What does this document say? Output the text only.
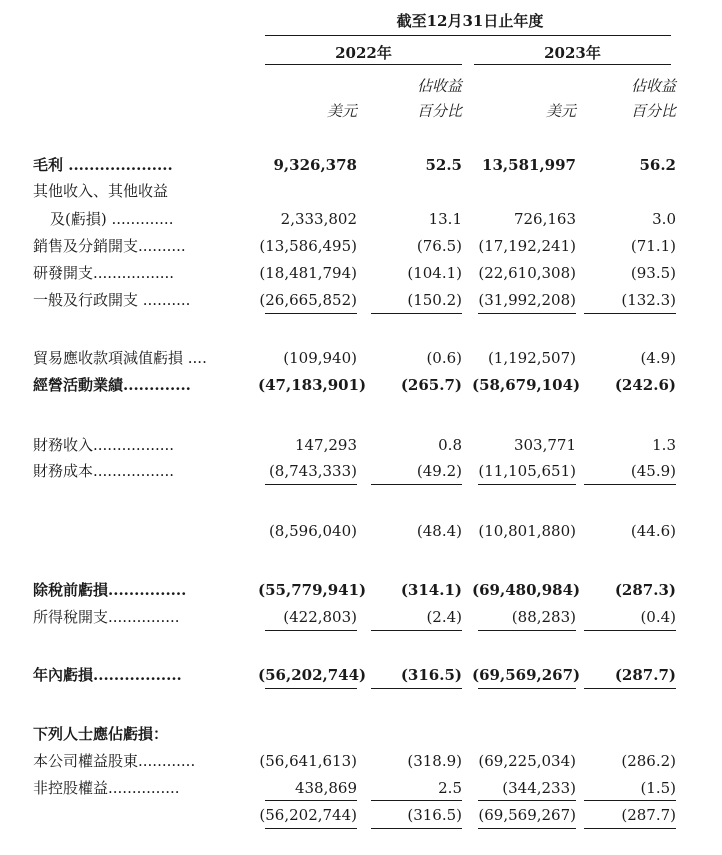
截至12月31日止年度
2022年	2023年
佔收益	佔收益
美元	百分比	美元	百分比
毛利 ....................	9,326,378	52.5	13,581,997	56.2
其他收入、其他收益
及(虧損) .............	2,333,802	13.1	726,163	3.0
銷售及分銷開支..........	(13,586,495)	(76.5)	(17,192,241)	(71.1)
研發開支.................	(18,481,794)	(104.1)	(22,610,308)	(93.5)
一般及行政開支 ..........	(26,665,852)	(150.2)	(31,992,208)	(132.3)
貿易應收款項減值虧損 ....	(109,940)	(0.6)	(1,192,507)	(4.9)
經營活動業績.............	(47,183,901)	(265.7) (58,679,104)	(242.6)
財務收入.................	147,293	0.8	303,771	1.3
財務成本.................	(8,743,333)	(49.2)	(11,105,651)	(45.9)
(8,596,040)	(48.4)	(10,801,880)	(44.6)
除稅前虧損...............	(55,779,941)	(314.1) (69,480,984)	(287.3)
所得稅開支...............	(422,803)	(2.4)	(88,283)	(0.4)
年內虧損.................	(56,202,744)	(316.5) (69,569,267)	(287.7)
下列人士應佔虧損：
本公司權益股東............	(56,641,613)	(318.9)	(69,225,034)	(286.2)
非控股權益...............	438,869	2.5	(344,233)	(1.5)
(56,202,744)	(316.5)	(69,569,267)	(287.7)
